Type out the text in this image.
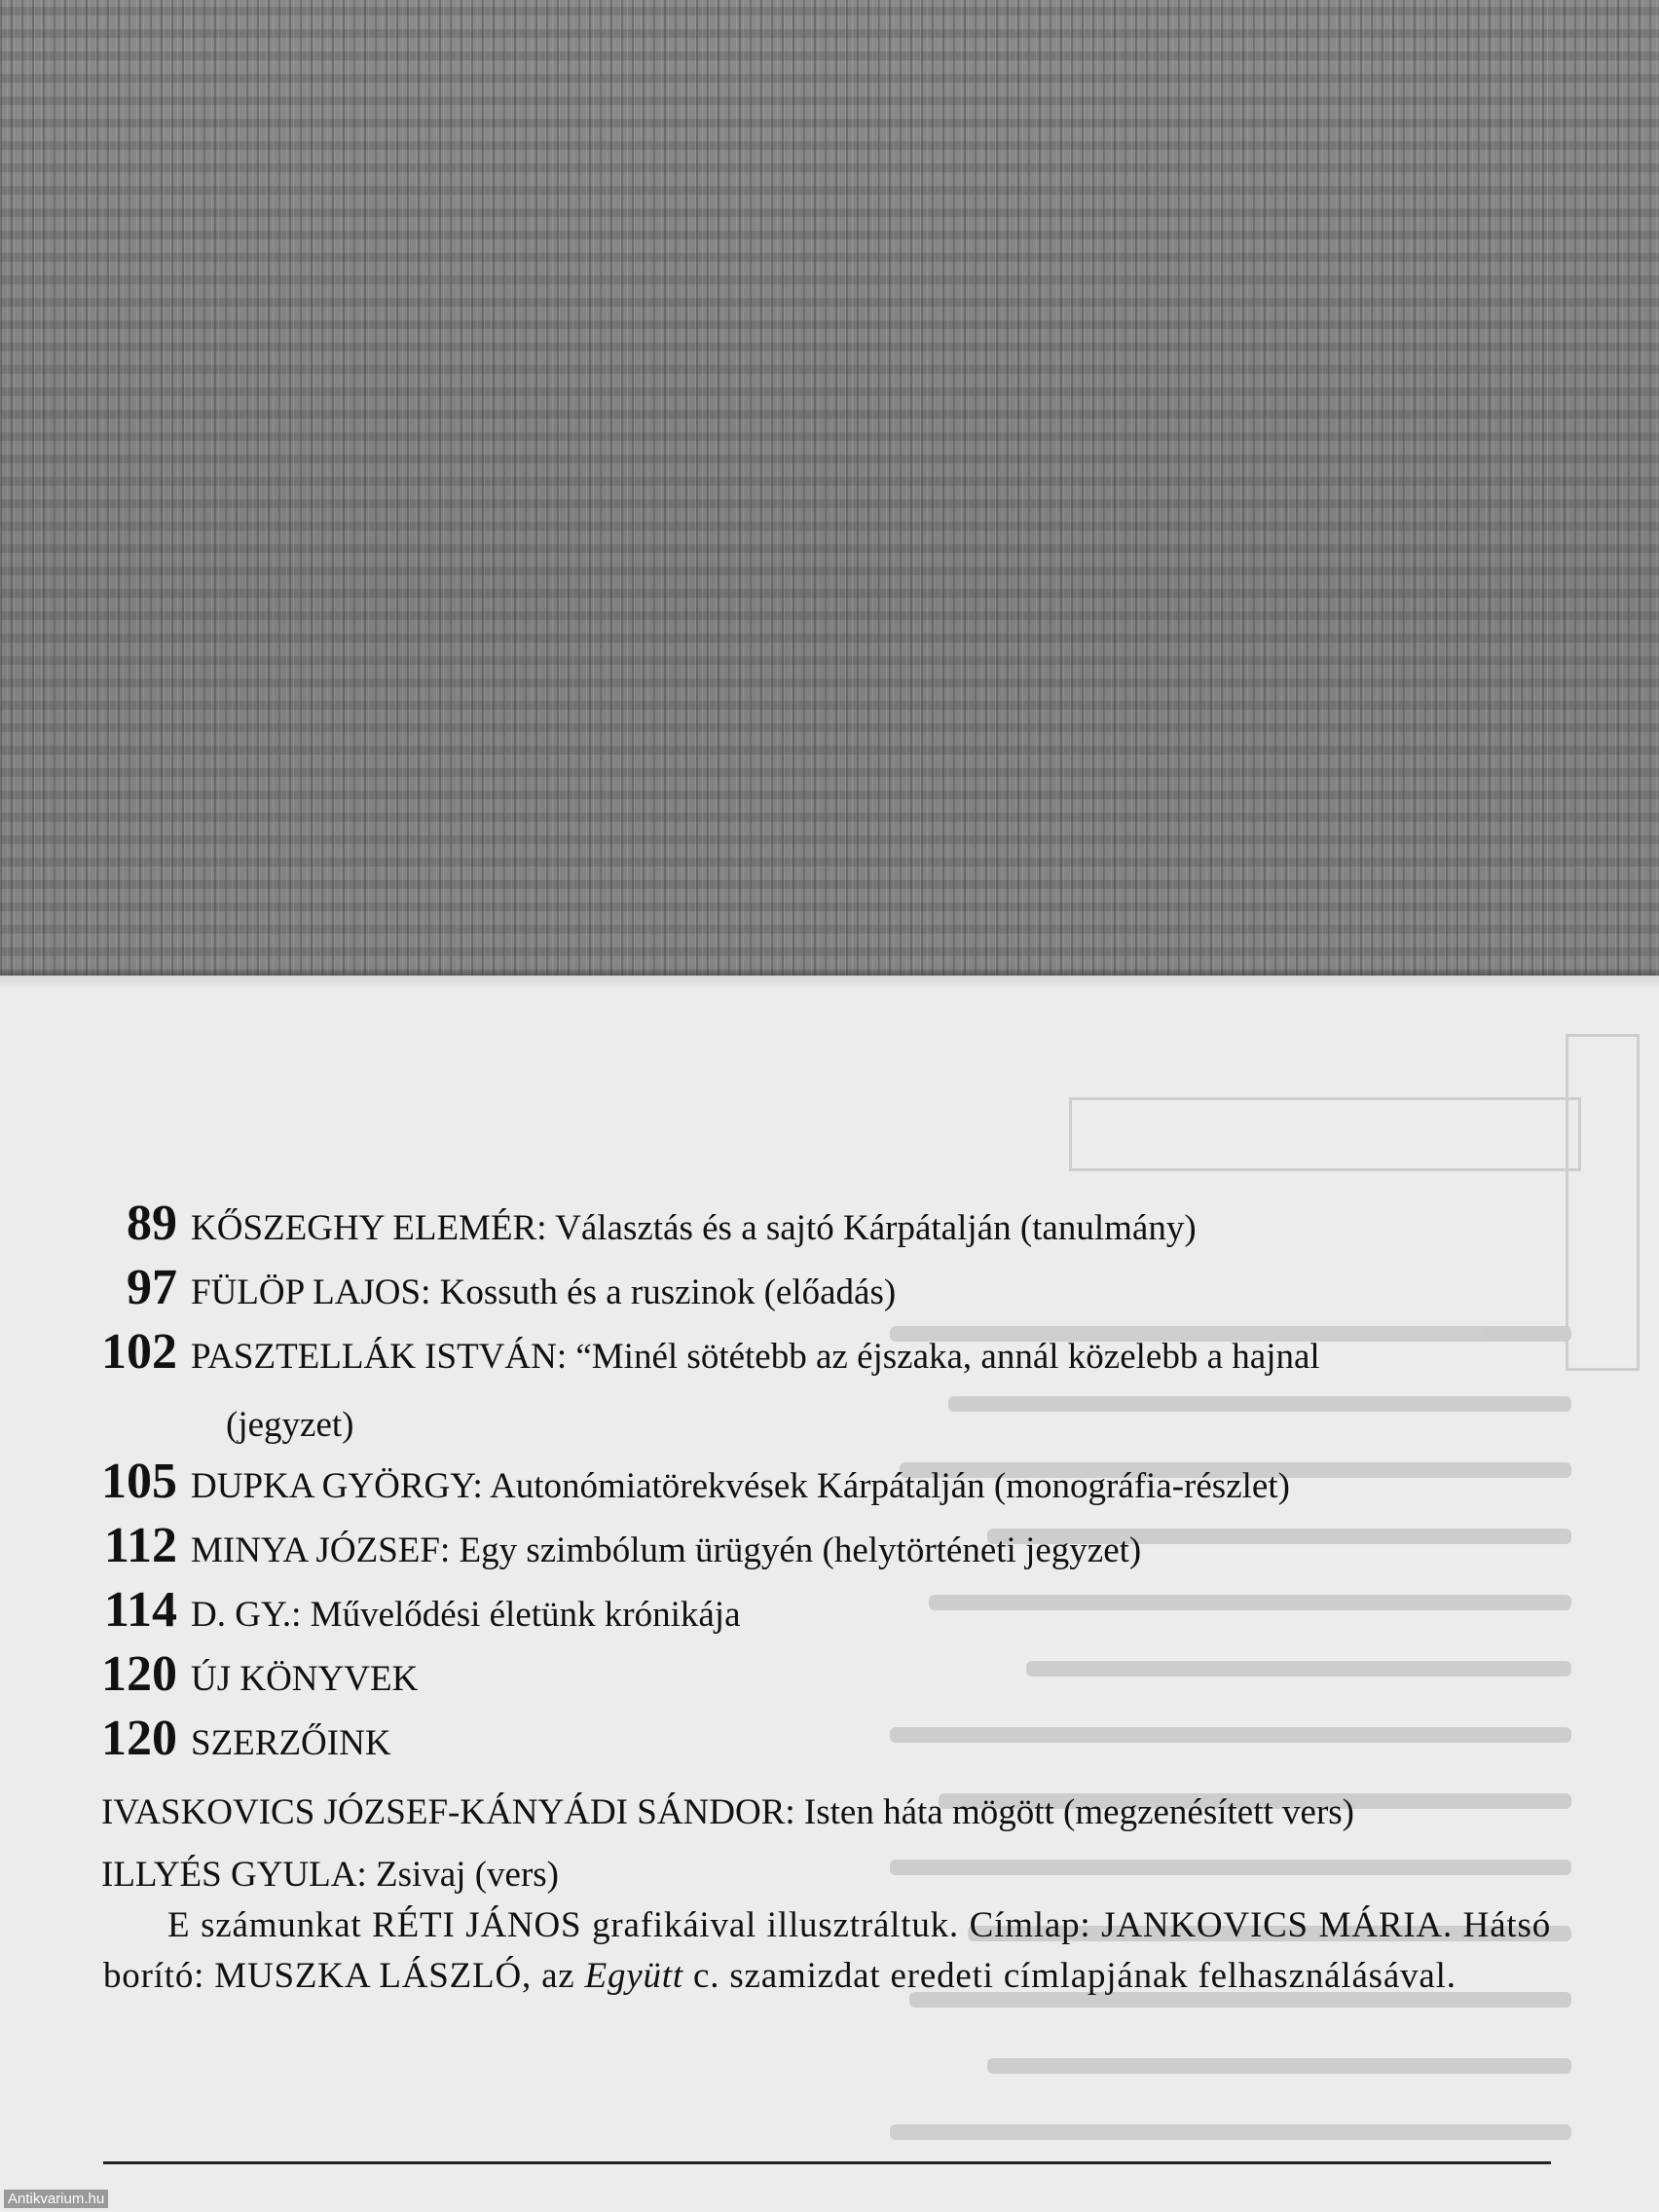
89 KŐSZEGHY ELEMÉR: Választás és a sajtó Kárpátalján (tanulmány)
97 FÜLÖP LAJOS: Kossuth és a ruszinok (előadás)
102 PASZTELLÁK ISTVÁN: “Minél sötétebb az éjszaka, annál közelebb a hajnal
(jegyzet)
105 DUPKA GYÖRGY: Autonómiatörekvések Kárpátalján (monográfia-részlet)
112 MINYA JÓZSEF: Egy szimbólum ürügyén (helytörténeti jegyzet)
114 D. GY.: Művelődési életünk krónikája
120 ÚJ KÖNYVEK
120 SZERZŐINK
IVASKOVICS JÓZSEF-KÁNYÁDI SÁNDOR: Isten háta mögött (megzenésített vers)
ILLYÉS GYULA: Zsivaj (vers)
E számunkat RÉTI JÁNOS grafikáival illusztráltuk. Címlap: JANKOVICS MÁRIA. Hátsó borító: MUSZKA LÁSZLÓ, az Együtt c. szamizdat eredeti címlapjának felhasználásával.
Antikvarium.hu
